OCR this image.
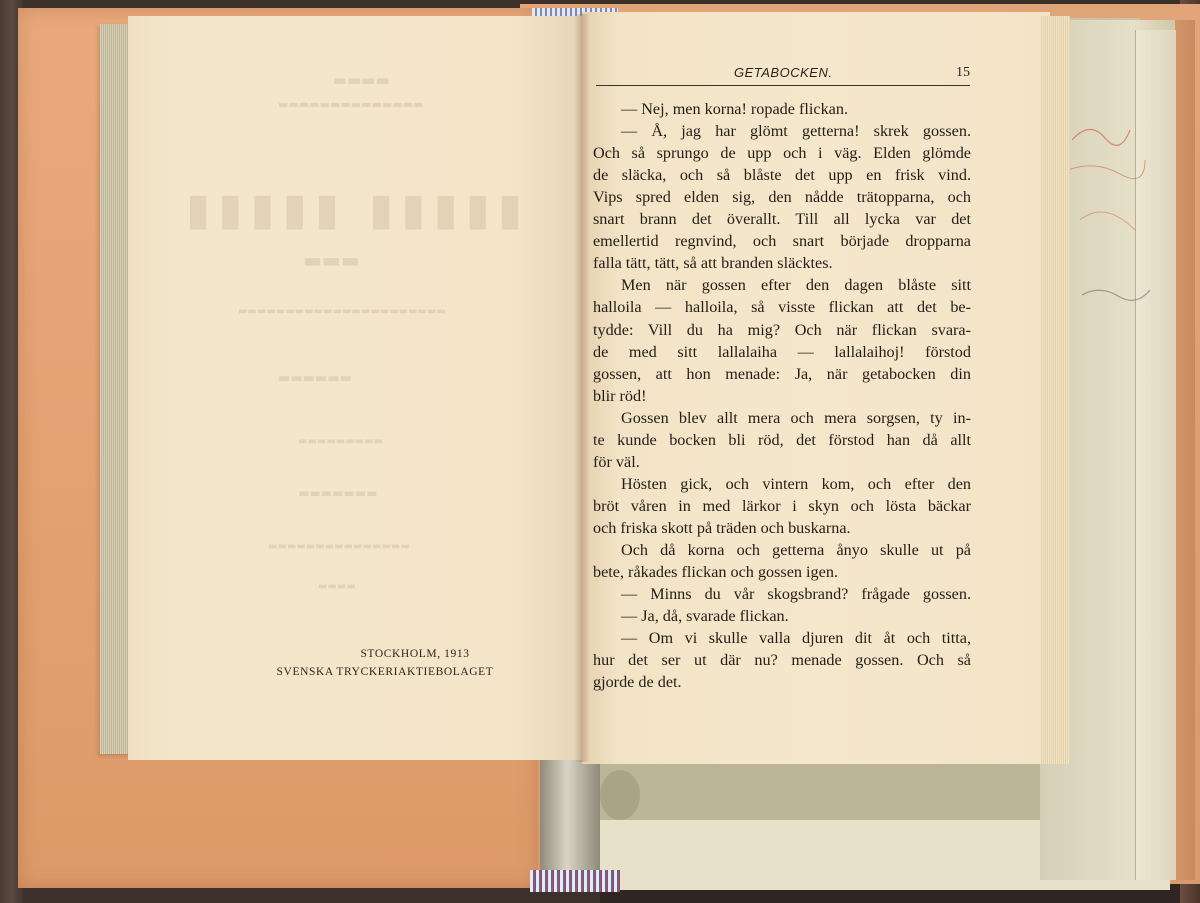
▬▬▬▬
▬▬▬▬▬▬▬▬▬▬▬▬▬▬
▮▮▮▮▮ ▮▮▮▮▮
▬▬▬
▬▬▬▬▬▬▬▬▬▬▬▬▬▬▬▬▬▬▬▬▬▬
▬▬▬▬▬▬
▬▬▬▬▬▬▬▬▬
▬▬▬▬▬▬▬
▬▬▬▬▬▬▬▬▬▬▬▬▬▬▬
▬▬▬▬
STOCKHOLM, 1913
SVENSKA TRYCKERIAKTIEBOLAGET
GETABOCKEN.	15
— Nej, men korna! ropade flickan.
— Å, jag har glömt getterna! skrek gossen.
Och så sprungo de upp och i väg. Elden glömde
de släcka, och så blåste det upp en frisk vind.
Vips spred elden sig, den nådde trätopparna, och
snart brann det överallt. Till all lycka var det
emellertid regnvind, och snart började dropparna
falla tätt, tätt, så att branden släcktes.
Men när gossen efter den dagen blåste sitt
halloila — halloila, så visste flickan att det be-
tydde: Vill du ha mig? Och när flickan svara-
de med sitt lallalaiha — lallalaihoj! förstod
gossen, att hon menade: Ja, när getabocken din
blir röd!
Gossen blev allt mera och mera sorgsen, ty in-
te kunde bocken bli röd, det förstod han då allt
för väl.
Hösten gick, och vintern kom, och efter den
bröt våren in med lärkor i skyn och lösta bäckar
och friska skott på träden och buskarna.
Och då korna och getterna ånyo skulle ut på
bete, råkades flickan och gossen igen.
— Minns du vår skogsbrand? frågade gossen.
— Ja, då, svarade flickan.
— Om vi skulle valla djuren dit åt och titta,
hur det ser ut där nu? menade gossen. Och så
gjorde de det.
